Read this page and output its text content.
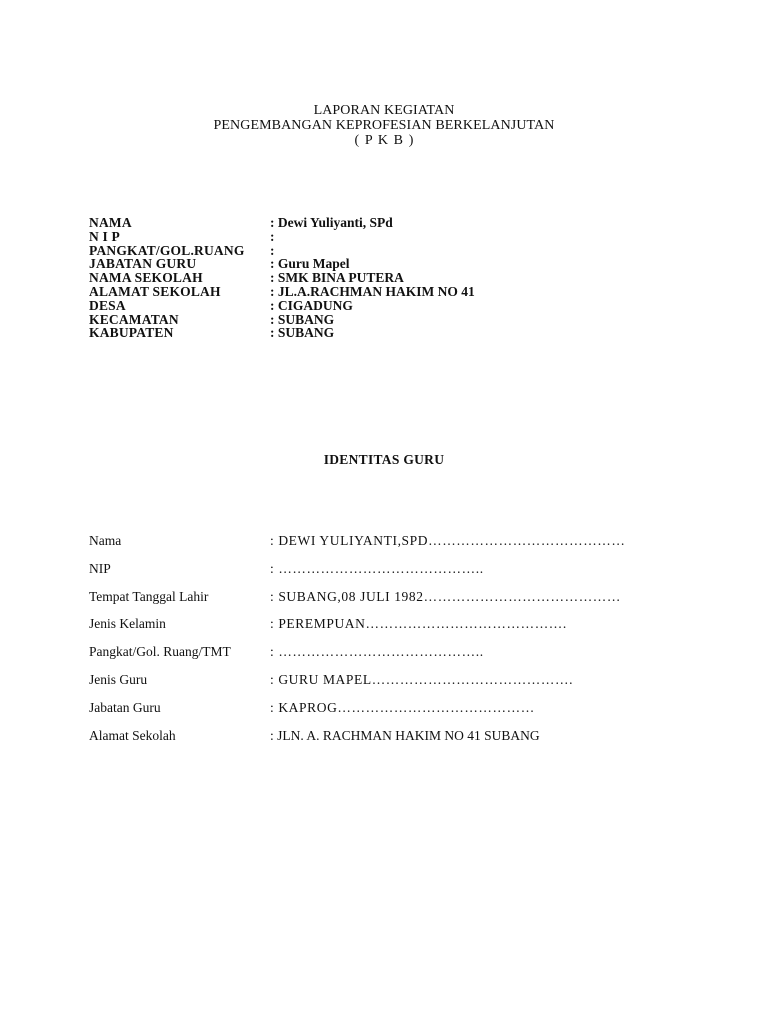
LAPORAN KEGIATAN
PENGEMBANGAN KEPROFESIAN BERKELANJUTAN
( P K B )
NAMA	: Dewi Yuliyanti, SPd
N I P	:
PANGKAT/GOL.RUANG :
JABATAN GURU	: Guru Mapel
NAMA SEKOLAH	: SMK BINA PUTERA
ALAMAT SEKOLAH	: JL.A.RACHMAN HAKIM NO 41
DESA	: CIGADUNG
KECAMATAN	: SUBANG
KABUPATEN	: SUBANG
IDENTITAS GURU
Nama	: DEWI YULIYANTI,SPD……………………………………
NIP	: ……………………………………..
Tempat Tanggal Lahir	: SUBANG,08 JULI 1982……………………………………
Jenis Kelamin	: PEREMPUAN…………………………………….
Pangkat/Gol. Ruang/TMT	: ……………………………………..
Jenis Guru	: GURU MAPEL…………………………………….
Jabatan Guru	: KAPROG……………………………………
Alamat Sekolah	: JLN. A. RACHMAN HAKIM NO 41 SUBANG
